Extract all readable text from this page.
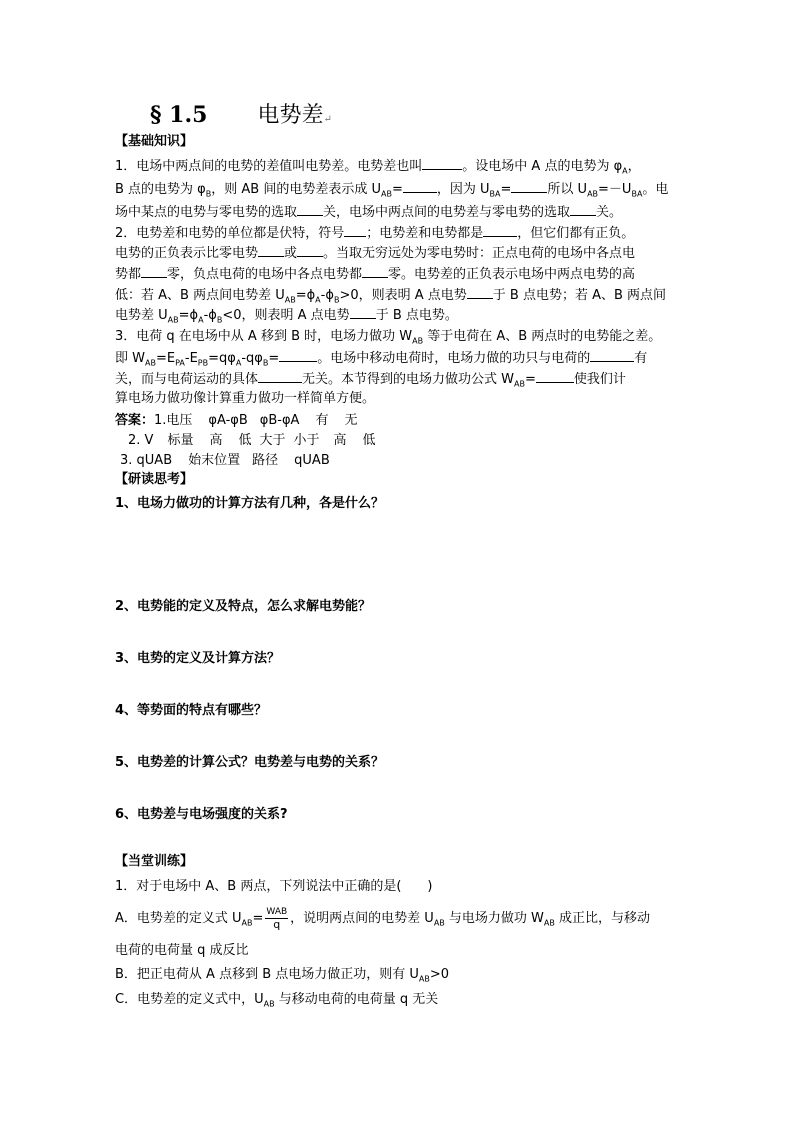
§ 1.5 电势差↵
【基础知识】
1．电场中两点间的电势的差值叫电势差。电势差也叫	。设电场中 A 点的电势为 $\varphi_A$，
B 点的电势为 $\varphi_B$，则 AB 间的电势差表示成 $U_{AB}=$	，因为 $U_{BA}=$	所以 $U_{AB}=-U_{BA}$。电
场中某点的电势与零电势的选取 关，电场中两点间的电势差与零电势的选取 关。
2．电势差和电势的单位都是伏特，符号 ；电势差和电势都是	，但它们都有正负。
电势的正负表示比零电势 或 。当取无穷远处为零电势时：正点电荷的电场中各点电
势都 零，负点电荷的电场中各点电势都 零。电势差的正负表示电场中两点电势的高
低：若 A、B 两点间电势差 $U_{AB}=\phi_A-\phi_B>0$，则表明 A 点电势 于 B 点电势；若 A、B 两点间
电势差 $U_{AB}=\phi_A-\phi_B<0$，则表明 A 点电势 于 B 点电势。
3．电荷 q 在电场中从 A 移到 B 时，电场力做功 $W_{AB}$ 等于电荷在 A、B 两点时的电势能之差。
即 $W_{AB}=E_{PA}-E_{PB}=q\varphi_A-q\varphi_B=$	。电场中移动电荷时，电场力做的功只与电荷的	有
关，而与电荷运动的具体	无关。本节得到的电场力做功公式 $W_{AB}=$	使我们计
算电场力做功像计算重力做功一样简单方便。
答案：1.电压 φA-φB φB-φA 有 无
2. V 标量 高 低 大于 小于 高 低
3. qUAB 始末位置 路径 qUAB
【研读思考】
1、电场力做功的计算方法有几种，各是什么？
2、电势能的定义及特点，怎么求解电势能？
3、电势的定义及计算方法？
4、等势面的特点有哪些？
5、电势差的计算公式？电势差与电势的关系？
6、电势差与电场强度的关系?
【当堂训练】
1．对于电场中 A、B 两点，下列说法中正确的是(　　)
A．电势差的定义式 $U_{AB}= \frac{\text{WAB}}{q}$ ，说明两点间的电势差 $U_{AB}$ 与电场力做功 $W_{AB}$ 成正比，与移动
电荷的电荷量 q 成反比
B．把正电荷从 A 点移到 B 点电场力做正功，则有 $U_{AB}>0$
C．电势差的定义式中，$U_{AB}$ 与移动电荷的电荷量 q 无关
